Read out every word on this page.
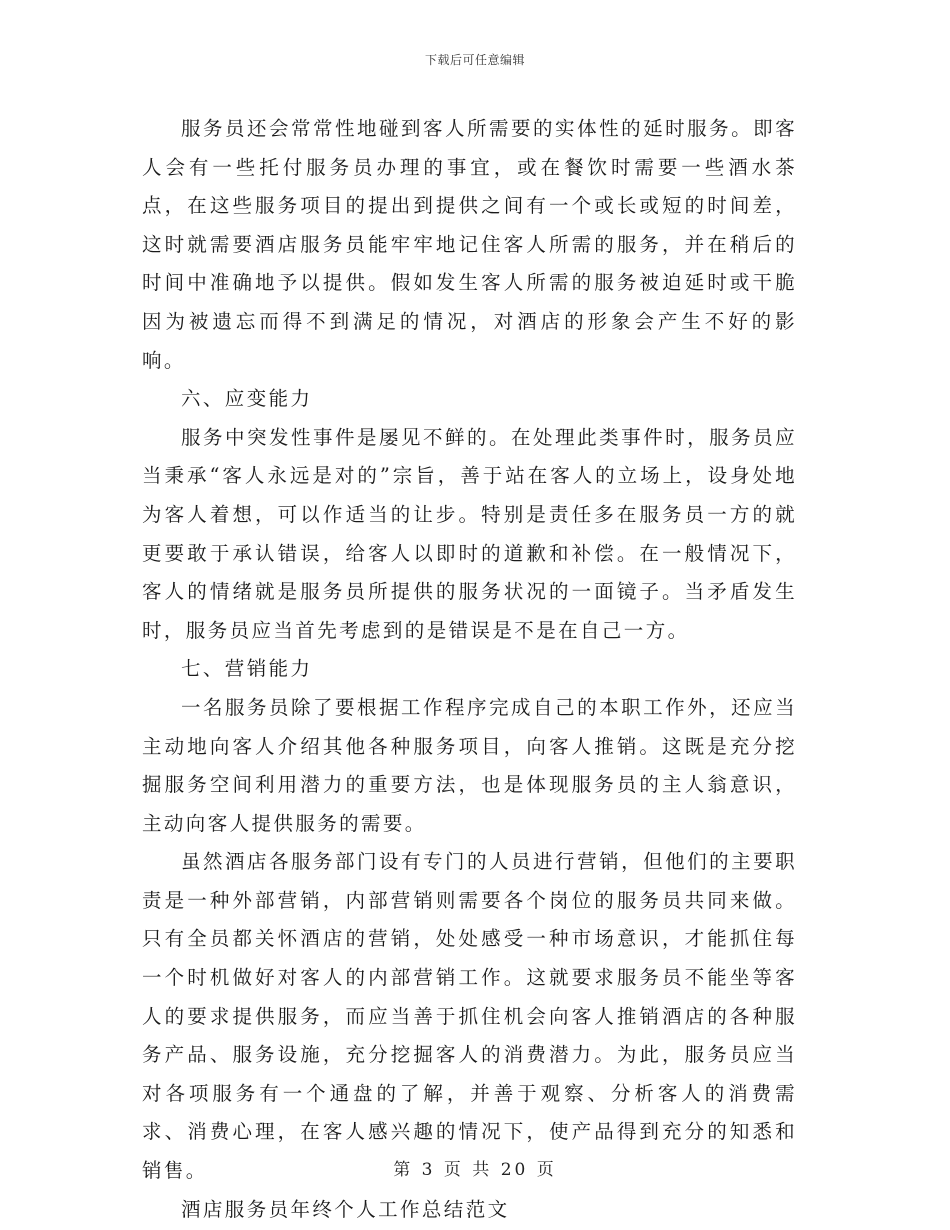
下载后可任意编辑

服务员还会常常性地碰到客人所需要的实体性的延时服务。即客人会有一些托付服务员办理的事宜，或在餐饮时需要一些酒水茶点，在这些服务项目的提出到提供之间有一个或长或短的时间差，这时就需要酒店服务员能牢牢地记住客人所需的服务，并在稍后的时间中准确地予以提供。假如发生客人所需的服务被迫延时或干脆因为被遗忘而得不到满足的情况，对酒店的形象会产生不好的影响。

六、应变能力

服务中突发性事件是屡见不鲜的。在处理此类事件时，服务员应当秉承“客人永远是对的”宗旨，善于站在客人的立场上，设身处地为客人着想，可以作适当的让步。特别是责任多在服务员一方的就更要敢于承认错误，给客人以即时的道歉和补偿。在一般情况下，客人的情绪就是服务员所提供的服务状况的一面镜子。当矛盾发生时，服务员应当首先考虑到的是错误是不是在自己一方。

七、营销能力

一名服务员除了要根据工作程序完成自己的本职工作外，还应当主动地向客人介绍其他各种服务项目，向客人推销。这既是充分挖掘服务空间利用潜力的重要方法，也是体现服务员的主人翁意识，主动向客人提供服务的需要。

虽然酒店各服务部门设有专门的人员进行营销，但他们的主要职责是一种外部营销，内部营销则需要各个岗位的服务员共同来做。只有全员都关怀酒店的营销，处处感受一种市场意识，才能抓住每一个时机做好对客人的内部营销工作。这就要求服务员不能坐等客人的要求提供服务，而应当善于抓住机会向客人推销酒店的各种服务产品、服务设施，充分挖掘客人的消费潜力。为此，服务员应当对各项服务有一个通盘的了解，并善于观察、分析客人的消费需求、消费心理，在客人感兴趣的情况下，使产品得到充分的知悉和销售。

酒店服务员年终个人工作总结范文

第 3 页 共 20 页
